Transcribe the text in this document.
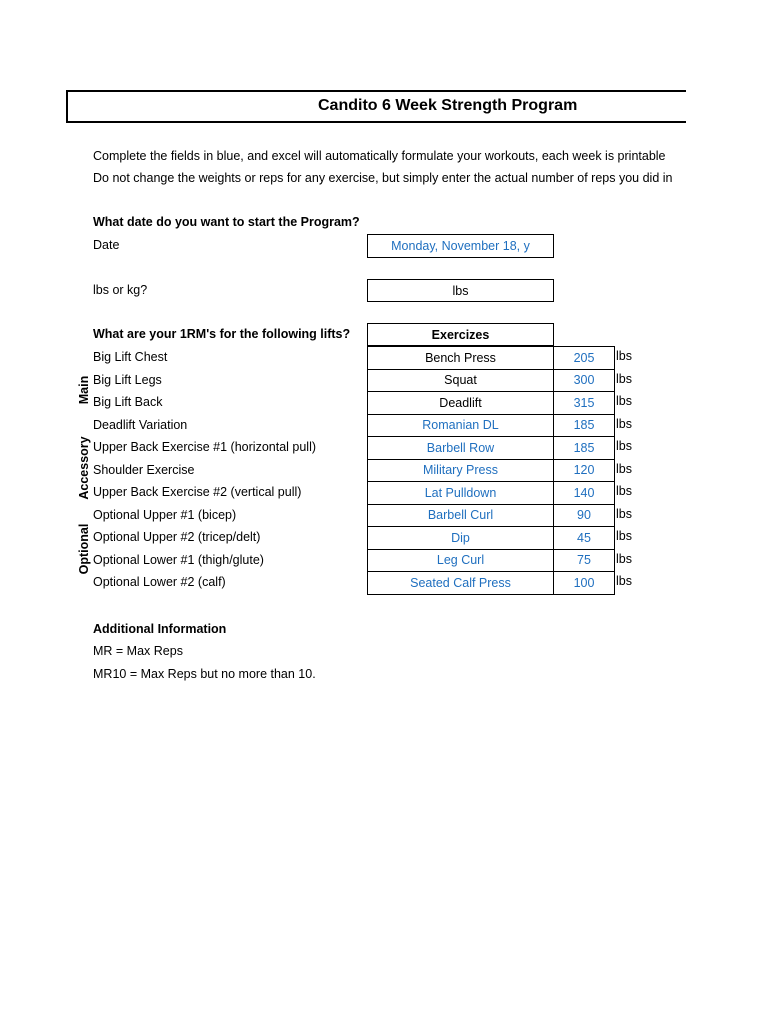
Candito 6 Week Strength Program
Complete the fields in blue, and excel will automatically formulate your workouts, each week is printable
Do not change the weights or reps for any exercise, but simply enter the actual number of reps you did in
What date do you want to start the Program?
Date	Monday, November 18, y
lbs or kg?	lbs
What are your 1RM's for the following lifts?	Exercizes
Main
Accessory
Optional
Big Lift Chest	Bench Press	205	lbs
Big Lift Legs	Squat	300	lbs
Big Lift Back	Deadlift	315	lbs
Deadlift Variation	Romanian DL	185	lbs
Upper Back Exercise #1 (horizontal pull)	Barbell Row	185	lbs
Shoulder Exercise	Military Press	120	lbs
Upper Back Exercise #2 (vertical pull)	Lat Pulldown	140	lbs
Optional Upper #1 (bicep)	Barbell Curl	90	lbs
Optional Upper #2 (tricep/delt)	Dip	45	lbs
Optional Lower #1 (thigh/glute)	Leg Curl	75	lbs
Optional Lower #2 (calf)	Seated Calf Press	100	lbs
Additional Information
MR = Max Reps
MR10 = Max Reps but no more than 10.
